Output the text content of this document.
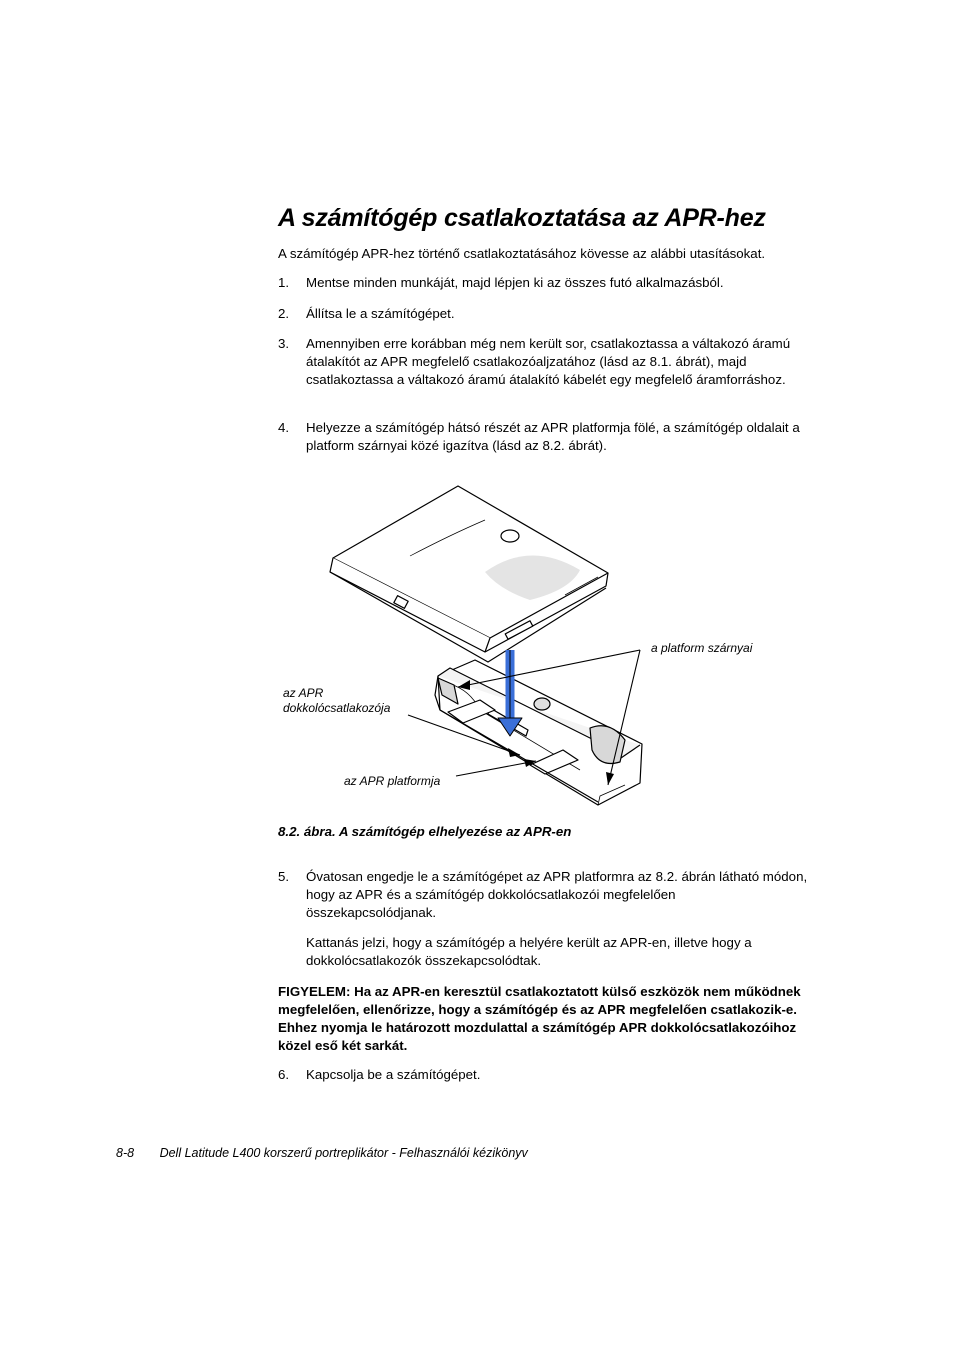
A számítógép csatlakoztatása az APR-hez
A számítógép APR-hez történő csatlakoztatásához kövesse az alábbi utasításokat.
1. Mentse minden munkáját, majd lépjen ki az összes futó alkalmazásból.
2. Állítsa le a számítógépet.
3. Amennyiben erre korábban még nem került sor, csatlakoztassa a váltakozó áramú átalakítót az APR megfelelő csatlakozóaljzatához (lásd az 8.1. ábrát), majd csatlakoztassa a váltakozó áramú átalakító kábelét egy megfelelő áramforráshoz.
4. Helyezze a számítógép hátsó részét az APR platformja fölé, a számítógép oldalait a platform szárnyai közé igazítva (lásd az 8.2. ábrát).
a platform szárnyai
az APR
dokkolócsatlakozója
az APR platformja
8.2. ábra. A számítógép elhelyezése az APR-en
5. Óvatosan engedje le a számítógépet az APR platformra az 8.2. ábrán látható módon, hogy az APR és a számítógép dokkolócsatlakozói megfelelően összekapcsolódjanak.
Kattanás jelzi, hogy a számítógép a helyére került az APR-en, illetve hogy a dokkolócsatlakozók összekapcsolódtak.
FIGYELEM: Ha az APR-en keresztül csatlakoztatott külső eszközök nem működnek megfelelően, ellenőrizze, hogy a számítógép és az APR megfelelően csatlakozik-e. Ehhez nyomja le határozott mozdulattal a számítógép APR dokkolócsatlakozóihoz közel eső két sarkát.
6. Kapcsolja be a számítógépet.
8-8 Dell Latitude L400 korszerű portreplikátor - Felhasználói kézikönyv
